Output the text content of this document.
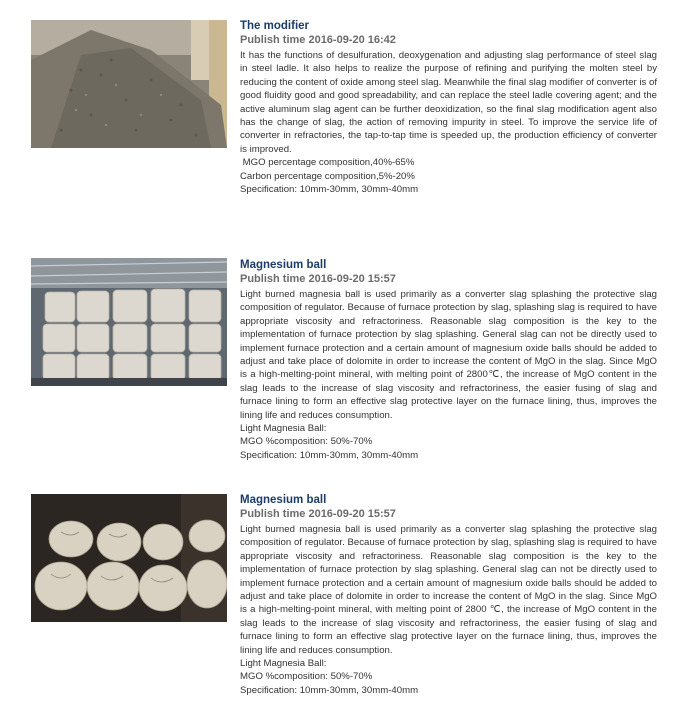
The modifier

Publish time 2016-09-20 16:42

It has the functions of desulfuration, deoxygenation and adjusting slag performance of steel slag in steel ladle. It also helps to realize the purpose of refining and purifying the molten steel by reducing the content of oxide among steel slag. Meanwhile the final slag modifier of converter is of good fluidity good and good spreadability, and can replace the steel ladle covering agent; and the active aluminum slag agent can be further deoxidization, so the final slag modification agent also has the change of slag, the action of removing impurity in steel. To improve the service life of converter in refractories, the tap-to-tap time is speeded up, the production efficiency of converter is improved.

MGO percentage composition,40%-65%

Carbon percentage composition,5%-20%

Specification: 10mm-30mm, 30mm-40mm

Magnesium ball

Publish time 2016-09-20 15:57

Light burned magnesia ball is used primarily as a converter slag splashing the protective slag composition of regulator. Because of furnace protection by slag, splashing slag is required to have appropriate viscosity and refractoriness. Reasonable slag composition is the key to the implementation of furnace protection by slag splashing. General slag can not be directly used to implement furnace protection and a certain amount of magnesium oxide balls should be added to adjust and take place of dolomite in order to increase the content of MgO in the slag. Since MgO is a high-melting-point mineral, with melting point of 2800℃, the increase of MgO content in the slag leads to the increase of slag viscosity and refractoriness, the easier fusing of slag and furnace lining to form an effective slag protective layer on the furnace lining, thus, improves the lining life and reduces consumption.

Light Magnesia Ball:

MGO %composition: 50%-70%

Specification: 10mm-30mm, 30mm-40mm

Magnesium ball

Publish time 2016-09-20 15:57

Light burned magnesia ball is used primarily as a converter slag splashing the protective slag composition of regulator. Because of furnace protection by slag, splashing slag is required to have appropriate viscosity and refractoriness. Reasonable slag composition is the key to the implementation of furnace protection by slag splashing. General slag can not be directly used to implement furnace protection and a certain amount of magnesium oxide balls should be added to adjust and take place of dolomite in order to increase the content of MgO in the slag. Since MgO is a high-melting-point mineral, with melting point of 2800 ℃, the increase of MgO content in the slag leads to the increase of slag viscosity and refractoriness, the easier fusing of slag and furnace lining to form an effective slag protective layer on the furnace lining, thus, improves the lining life and reduces consumption.

Light Magnesia Ball:

MGO %composition: 50%-70%

Specification: 10mm-30mm, 30mm-40mm
